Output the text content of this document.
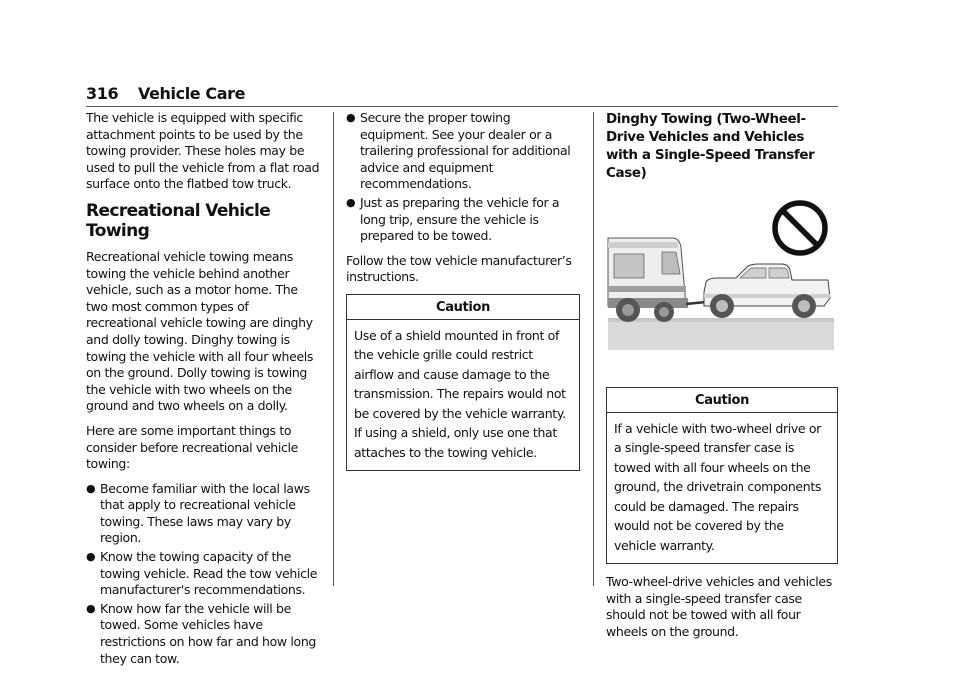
316 Vehicle Care

The vehicle is equipped with specific attachment points to be used by the towing provider. These holes may be used to pull the vehicle from a flat road surface onto the flatbed tow truck.

Recreational Vehicle Towing

Recreational vehicle towing means towing the vehicle behind another vehicle, such as a motor home. The two most common types of recreational vehicle towing are dinghy and dolly towing. Dinghy towing is towing the vehicle with all four wheels on the ground. Dolly towing is towing the vehicle with two wheels on the ground and two wheels on a dolly.

Here are some important things to consider before recreational vehicle towing:

● Become familiar with the local laws that apply to recreational vehicle towing. These laws may vary by region.
● Know the towing capacity of the towing vehicle. Read the tow vehicle manufacturer's recommendations.
● Know how far the vehicle will be towed. Some vehicles have restrictions on how far and how long they can tow.
● Secure the proper towing equipment. See your dealer or a trailering professional for additional advice and equipment recommendations.
● Just as preparing the vehicle for a long trip, ensure the vehicle is prepared to be towed.

Follow the tow vehicle manufacturer’s instructions.

Caution
Use of a shield mounted in front of the vehicle grille could restrict airflow and cause damage to the transmission. The repairs would not be covered by the vehicle warranty. If using a shield, only use one that attaches to the towing vehicle.
Dinghy Towing (Two-Wheel-Drive Vehicles and Vehicles with a Single-Speed Transfer Case)
Caution
If a vehicle with two-wheel drive or a single-speed transfer case is towed with all four wheels on the ground, the drivetrain components could be damaged. The repairs would not be covered by the vehicle warranty.

Two-wheel-drive vehicles and vehicles with a single-speed transfer case should not be towed with all four wheels on the ground.
